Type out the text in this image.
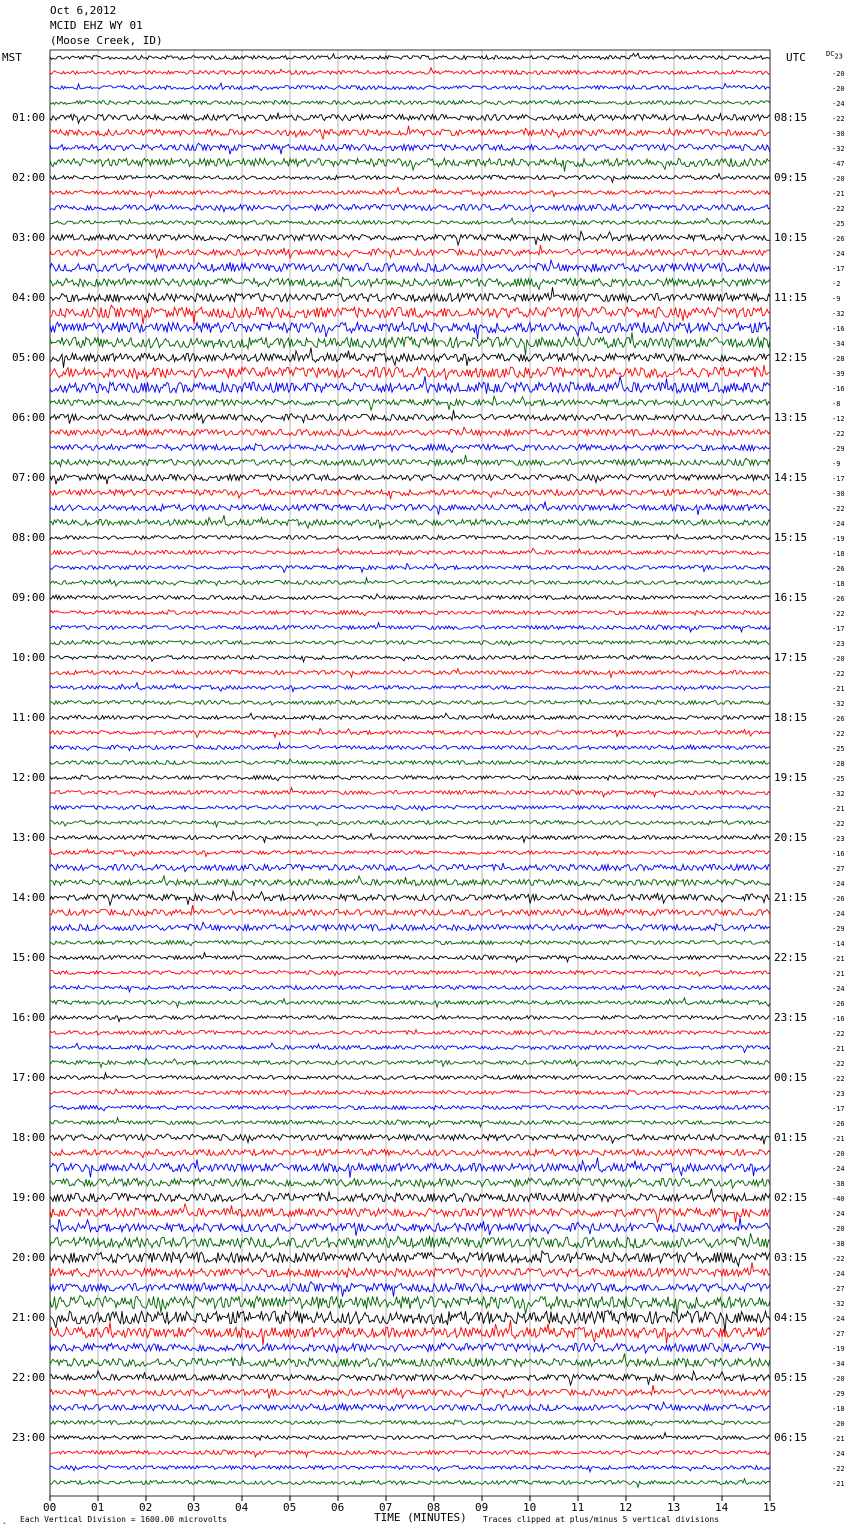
Oct 6,2012
MCID EHZ WY 01
(Moose Creek, ID)
MST	UTC	$DC_{23}$
00	01	02	03	04	05	06	07	08	09	10	11	12	13	14	15
01:00
02:00
03:00
04:00
05:00
06:00
07:00
08:00
09:00
10:00
11:00
12:00
13:00
14:00
15:00
16:00
17:00
18:00
19:00
20:00
21:00
22:00
23:00
08:15
09:15
10:15
11:15
12:15
13:15
14:15
15:15
16:15
17:15
18:15
19:15
20:15
21:15
22:15
23:15
00:15
01:15
02:15
03:15
04:15
05:15
06:15
-20
-20
-24
-22
-30
-32
-47
-20
-21
-22
-25
-26
-24
-17
-2
-9
-32
-16
-34
-28
-39
-16
-8
-12
-22
-29
-9
-17
-30
-22
-24
-19
-18
-26
-18
-26
-22
-17
-23
-20
-22
-21
-32
-26
-22
-25
-28
-25
-32
-21
-22
-23
-16
-27
-24
-26
-24
-29
-14
-21
-21
-24
-26
-16
-22
-21
-22
-22
-23
-17
-26
-21
-20
-24
-38
-40
-24
-20
-38
-22
-24
-27
-32
-24
-27
-19
-34
-20
-29
-18
-20
-21
-24
-22
-21
TIME (MINUTES)
‸ Each Vertical Division = 1600.00 microvolts	Traces clipped at plus/minus 5 vertical divisions
